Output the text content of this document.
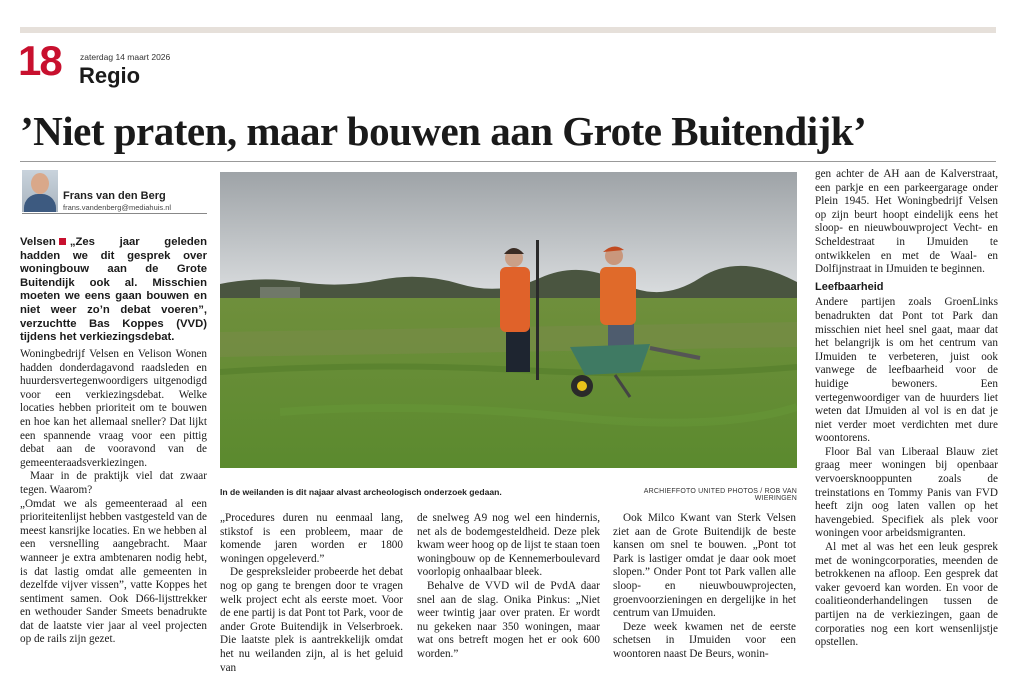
18 zaterdag 14 maart 2026
Regio
’Niet praten, maar bouwen aan Grote Buitendijk’
Frans van den Berg
frans.vandenberg@mediahuis.nl
Velsen „Zes jaar geleden hadden we dit gesprek over woningbouw aan de Grote Buitendijk ook al. Misschien moeten we eens gaan bouwen en niet weer zo’n debat voeren”, verzuchtte Bas Koppes (VVD) tijdens het verkiezingsdebat.
In de weilanden is dit najaar alvast archeologisch onderzoek gedaan.	ARCHIEFFOTO UNITED PHOTOS / ROB VAN WIERINGEN

Woningbedrijf Velsen en Velison Wonen hadden donderdagavond raadsleden en huurdersvertegenwoordigers uitgenodigd voor een verkiezingsdebat. Welke locaties hebben prioriteit om te bouwen en hoe kan het allemaal sneller? Dat lijkt een spannende vraag voor een pittig debat aan de vooravond van de gemeenteraadsverkiezingen.

Maar in de praktijk viel dat zwaar tegen. Waarom?

„Omdat we als gemeenteraad al een prioriteitenlijst hebben vastgesteld van de meest kansrijke locaties. En we hebben al een versnelling aangebracht. Maar wanneer je extra ambtenaren nodig hebt, is dat lastig omdat alle gemeenten in dezelfde vijver vissen”, vatte Koppes het sentiment samen. Ook D66-lijsttrekker en wethouder Sander Smeets benadrukte dat de laatste vier jaar al veel projecten op de rails zijn gezet.

„Procedures duren nu eenmaal lang, stikstof is een probleem, maar de komende jaren worden er 1800 woningen opgeleverd.”

De gespreksleider probeerde het debat nog op gang te brengen door te vragen welk project echt als eerste moet. Voor de ene partij is dat Pont tot Park, voor de ander Grote Buitendijk in Velserbroek. Die laatste plek is aantrekkelijk omdat het nu weilanden zijn, al is het geluid van

de snelweg A9 nog wel een hindernis, net als de bodemgesteldheid. Deze plek kwam weer hoog op de lijst te staan toen woningbouw op de Kennemerboulevard voorlopig onhaalbaar bleek.

Behalve de VVD wil de PvdA daar snel aan de slag. Onika Pinkus: „Niet weer twintig jaar over praten. Er wordt nu gekeken naar 350 woningen, maar wat ons betreft mogen het er ook 600 worden.”

Ook Milco Kwant van Sterk Velsen ziet aan de Grote Buitendijk de beste kansen om snel te bouwen. „Pont tot Park is lastiger omdat je daar ook moet slopen.” Onder Pont tot Park vallen alle sloop- en nieuwbouwprojecten, groenvoorzieningen en dergelijke in het centrum van IJmuiden.

Deze week kwamen net de eerste schetsen in IJmuiden voor een woontoren naast De Beurs, wonin-

gen achter de AH aan de Kalverstraat, een parkje en een parkeergarage onder Plein 1945. Het Woningbedrijf Velsen op zijn beurt hoopt eindelijk eens het sloop- en nieuwbouwproject Vecht- en Scheldestraat in IJmuiden te ontwikkelen en met de Waal- en Dolfijnstraat in IJmuiden te beginnen.

Leefbaarheid

Andere partijen zoals GroenLinks benadrukten dat Pont tot Park dan misschien niet heel snel gaat, maar dat het belangrijk is om het centrum van IJmuiden te verbeteren, juist ook vanwege de leefbaarheid voor de huidige bewoners. Een vertegenwoordiger van de huurders liet weten dat IJmuiden al vol is en dat je niet verder moet verdichten met dure woontorens.

Floor Bal van Liberaal Blauw ziet graag meer woningen bij openbaar vervoersknooppunten zoals de treinstations en Tommy Panis van FVD heeft zijn oog laten vallen op het havengebied. Specifiek als plek voor woningen voor arbeidsmigranten.

Al met al was het een leuk gesprek met de woningcorporaties, meenden de betrokkenen na afloop. Een gesprek dat vaker gevoerd kan worden. En voor de coalitieonderhandelingen tussen de partijen na de verkiezingen, gaan de corporaties nog een kort wensenlijstje opstellen.
